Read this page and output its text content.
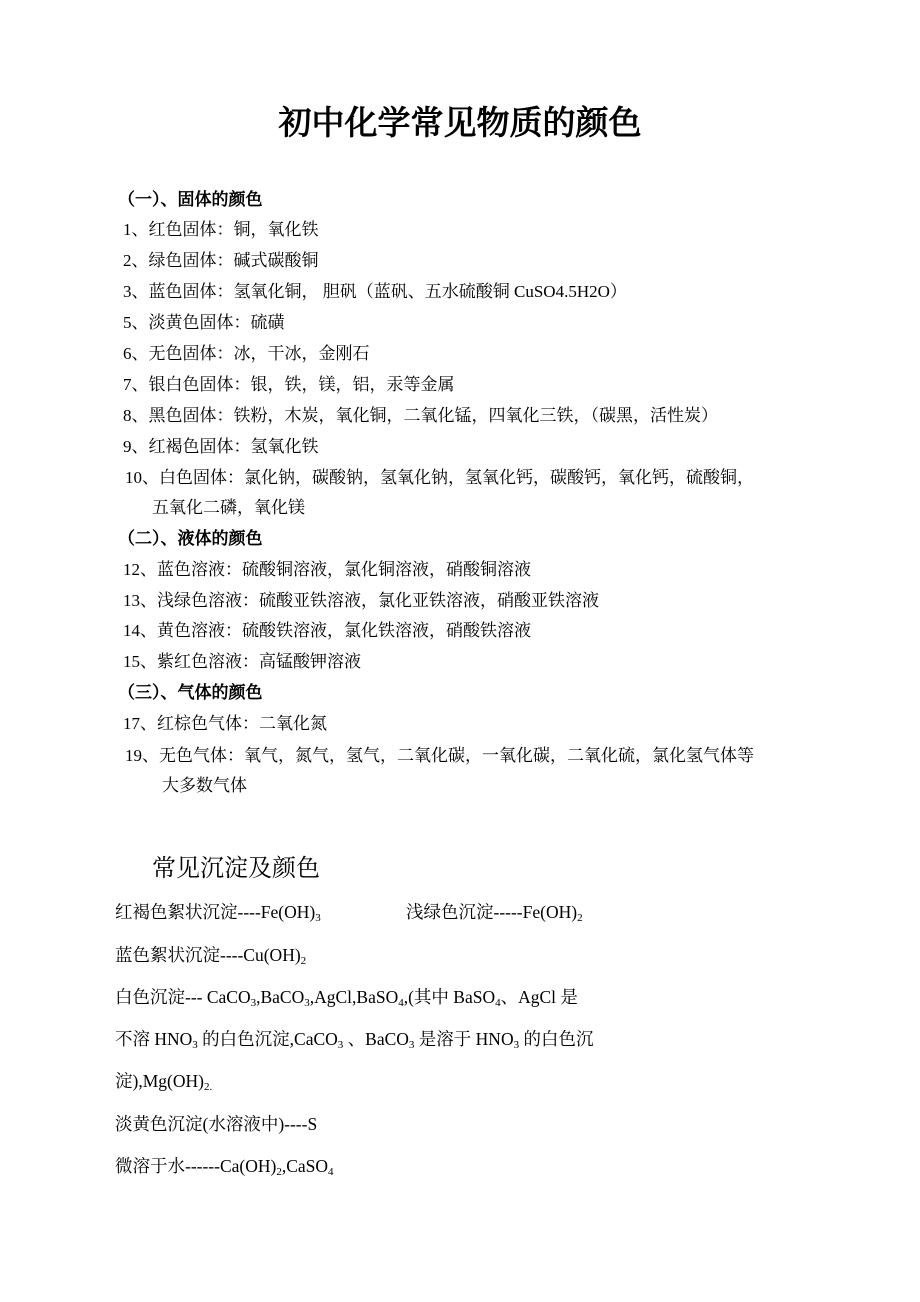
初中化学常见物质的颜色
（一）、固体的颜色
1、红色固体：铜，氧化铁
2、绿色固体：碱式碳酸铜
3、蓝色固体：氢氧化铜， 胆矾（蓝矾、五水硫酸铜 CuSO4.5H2O）
5、淡黄色固体：硫磺
6、无色固体：冰，干冰，金刚石
7、银白色固体：银，铁，镁，铝，汞等金属
8、黑色固体：铁粉，木炭，氧化铜，二氧化锰，四氧化三铁，（碳黑，活性炭）
9、红褐色固体：氢氧化铁
10、白色固体：氯化钠，碳酸钠，氢氧化钠，氢氧化钙，碳酸钙，氧化钙，硫酸铜，
五氧化二磷，氧化镁
（二）、液体的颜色
12、蓝色溶液：硫酸铜溶液，氯化铜溶液，硝酸铜溶液
13、浅绿色溶液：硫酸亚铁溶液，氯化亚铁溶液，硝酸亚铁溶液
14、黄色溶液：硫酸铁溶液，氯化铁溶液，硝酸铁溶液
15、紫红色溶液：高锰酸钾溶液
（三）、气体的颜色
17、红棕色气体：二氧化氮
19、无色气体：氧气，氮气，氢气，二氧化碳，一氧化碳，二氧化硫，氯化氢气体等
大多数气体
常见沉淀及颜色
红褐色絮状沉淀$----Fe(OH)_3$	浅绿色沉淀$-----Fe(OH)_2$
蓝色絮状沉淀$----Cu(OH)_2$
白色沉淀--- CaCO$_3$,BaCO$_3$,AgCl,BaSO$_4$,(其中 BaSO$_4$、AgCl 是
不溶 $HNO_3$ 的白色沉淀,CaCO$_3$ 、BaCO$_3$ 是溶于 $HNO_3$ 的白色沉
淀)$,Mg(OH)_{2.}$
淡黄色沉淀(水溶液中)----S
微溶于水$------Ca(OH)_2,CaSO_4$
